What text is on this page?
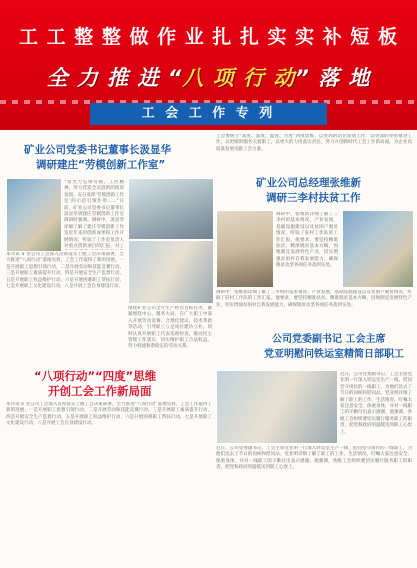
工 工 整 整 做 作 业 扎 扎 实 实 补 短 板
全 力 推 进 “八 项 行 动” 落 地
工 会 工 作 专 列
矿业公司党委书记董事长汲显华
调研建庄“劳模创新工作室”
“留允力弘扬劳模、工匠精神，努力营造全员创新的浓厚氛围，充分发挥‘劳模创新工作室’的示范引领作用……”日前，矿业公司党委书记董事长汲显华到建庄劳模创新工作室调研时强调。调研中，汲显华详细了解了建庄劳模创新工作室近年来的创新成果和工作开展情况，听取了工作室负责人对重点创新项目的汇报，对工
本刊讯 矿业公司工会深入贯彻落实上级工会决策部署，全力推进“八项行动”落地见效，工会工作取得了新的进展。一是开展职工思想引领行动，二是开展劳动和技能竞赛行动，三是开展职工素质提升行动，四是开展安全生产监督行动，五是开展职工权益维护行动，六是开展困难职工帮扶行动，七是开展职工文化建设行动，八是开展工会自身建设行动。
围绕矿业公司全年生产经营目标任务，紧紧围绕中心、服务大局，在广大职工中深入开展劳动竞赛、合理化建议、技术革新等活动，引导职工立足岗位建功立业。同时认真开展职工代表巡视检查，推动民主管理工作落实，切实维护职工合法权益，努力构建和谐稳定的劳动关系。
工会要树立“高度、深度、温度、力度”四度思维，以更高的站位谋划工作，以更深的举措推进工作，以更暖的服务关爱职工，以更大的力度落实责任，努力开创新时代工会工作新局面，为企业高质量发展贡献工会力量。
矿业公司总经理张维新
调研三李村扶贫工作
调研中，张维新详细了解了三李村的基本情况、产业发展、基础设施建设以及贫困户脱贫情况，听取了驻村工作队的工作汇报。他要求，要坚持精准扶贫、精准脱贫基本方略，因地制宜发展特色产业，切实增强贫困村自我发展能力，确保脱贫攻坚各项任务落到实处。
调研中，张维新详细了解了三李村的基本情况、产业发展、基础设施建设以及贫困户脱贫情况，听取了驻村工作队的工作汇报。他要求，要坚持精准扶贫、精准脱贫基本方略，因地制宜发展特色产业，切实增强贫困村自我发展能力，确保脱贫攻坚各项任务落到实处。
公司党委副书记 工会主席
党亚明慰问铁运室精简日部职工
近日，公司党委副书记、工会主席党亚明一行深入铁运室生产一线，慰问坚守岗位的一线职工，为他们送去了节日的问候和慰问品。党亚明详细了解了职工的工作、生活情况，叮嘱大家注意安全、保重身体，并对一线职工的辛勤付出表示感谢。他强调，各级工会组织要切实履行服务职工的职责，把党和政府的温暖送到职工心坎上。
近日，公司党委副书记、工会主席党亚明一行深入铁运室生产一线，慰问坚守岗位的一线职工，为他们送去了节日的问候和慰问品。党亚明详细了解了职工的工作、生活情况，叮嘱大家注意安全、保重身体，并对一线职工的辛勤付出表示感谢。他强调，各级工会组织要切实履行服务职工的职责，把党和政府的温暖送到职工心坎上。
“八项行动”“四度”思维
开创工会工作新局面
本刊讯 矿业公司工会深入贯彻落实上级工会决策部署，全力推进“八项行动”落地见效，工会工作取得了新的进展。一是开展职工思想引领行动，二是开展劳动和技能竞赛行动，三是开展职工素质提升行动，四是开展安全生产监督行动，五是开展职工权益维护行动，六是开展困难职工帮扶行动，七是开展职工文化建设行动，八是开展工会自身建设行动。
